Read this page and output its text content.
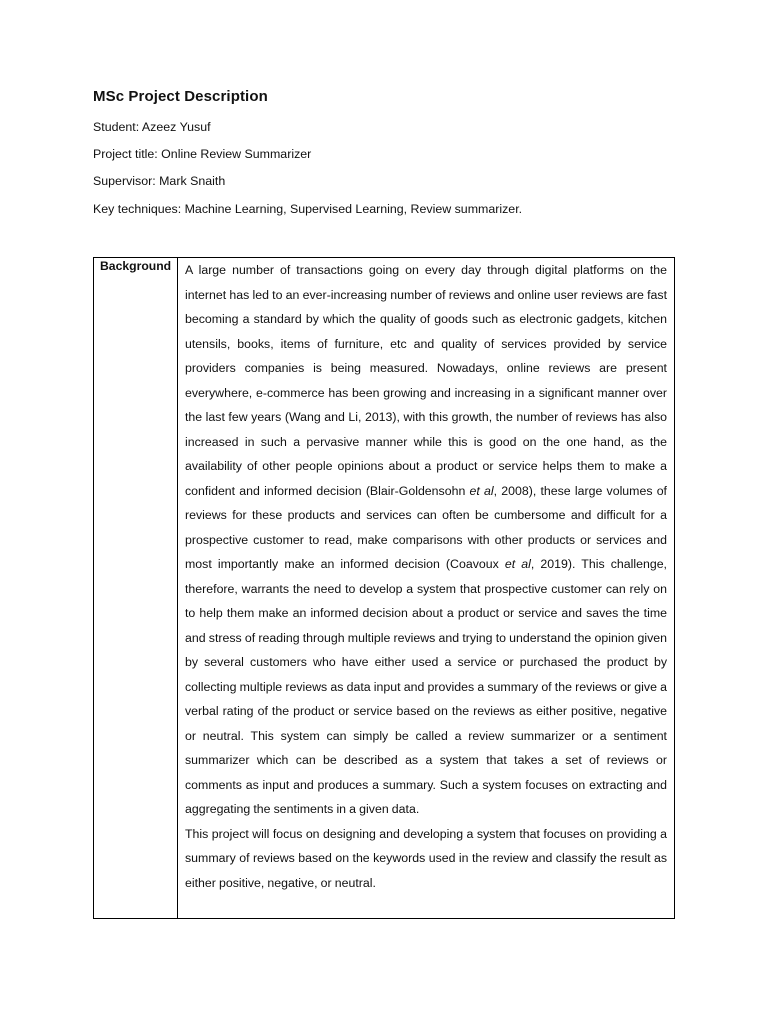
MSc Project Description
Student: Azeez Yusuf
Project title: Online Review Summarizer
Supervisor: Mark Snaith
Key techniques: Machine Learning, Supervised Learning, Review summarizer.
Background A large number of transactions going on every day through digital platforms on the internet has led to an ever-increasing number of reviews and online user reviews are fast becoming a standard by which the quality of goods such as electronic gadgets, kitchen utensils, books, items of furniture, etc and quality of services provided by service providers companies is being measured. Nowadays, online reviews are present everywhere, e-commerce has been growing and increasing in a significant manner over the last few years (Wang and Li, 2013), with this growth, the number of reviews has also increased in such a pervasive manner while this is good on the one hand, as the availability of other people opinions about a product or service helps them to make a confident and informed decision (Blair-Goldensohn et al, 2008), these large volumes of reviews for these products and services can often be cumbersome and difficult for a prospective customer to read, make comparisons with other products or services and most importantly make an informed decision (Coavoux et al, 2019). This challenge, therefore, warrants the need to develop a system that prospective customer can rely on to help them make an informed decision about a product or service and saves the time and stress of reading through multiple reviews and trying to understand the opinion given by several customers who have either used a service or purchased the product by collecting multiple reviews as data input and provides a summary of the reviews or give a verbal rating of the product or service based on the reviews as either positive, negative or neutral. This system can simply be called a review summarizer or a sentiment summarizer which can be described as a system that takes a set of reviews or comments as input and produces a summary. Such a system focuses on extracting and aggregating the sentiments in a given data.

This project will focus on designing and developing a system that focuses on providing a summary of reviews based on the keywords used in the review and classify the result as either positive, negative, or neutral.
